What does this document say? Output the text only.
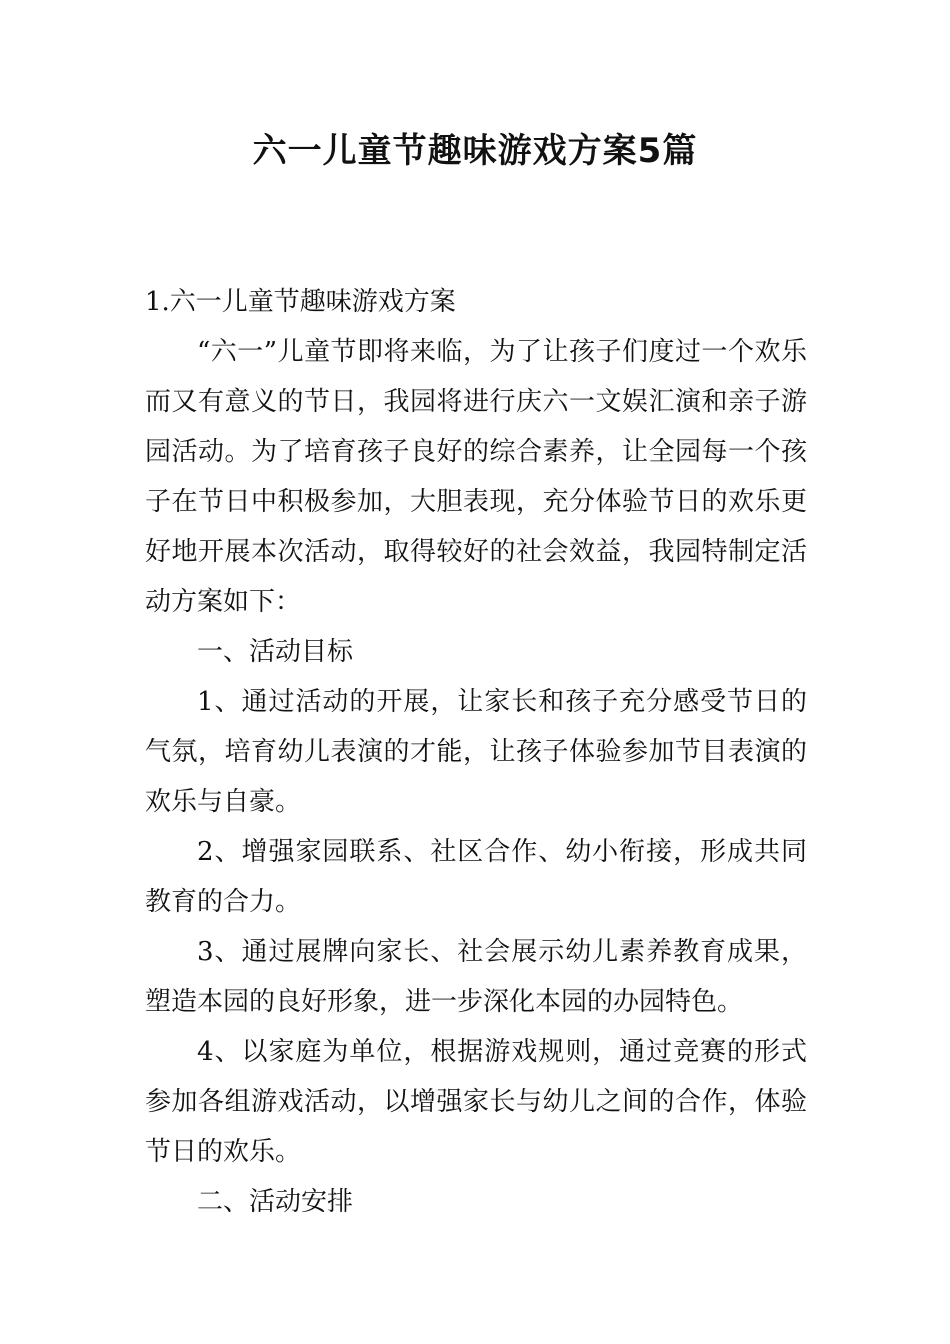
六一儿童节趣味游戏方案5篇

1.六一儿童节趣味游戏方案

“六一”儿童节即将来临，为了让孩子们度过一个欢乐而又有意义的节日，我园将进行庆六一文娱汇演和亲子游园活动。为了培育孩子良好的综合素养，让全园每一个孩子在节日中积极参加，大胆表现，充分体验节日的欢乐更好地开展本次活动，取得较好的社会效益，我园特制定活动方案如下：

一、活动目标

1、通过活动的开展，让家长和孩子充分感受节日的气氛，培育幼儿表演的才能，让孩子体验参加节目表演的欢乐与自豪。

2、增强家园联系、社区合作、幼小衔接，形成共同教育的合力。

3、通过展牌向家长、社会展示幼儿素养教育成果，塑造本园的良好形象，进一步深化本园的办园特色。

4、以家庭为单位，根据游戏规则，通过竞赛的形式参加各组游戏活动，以增强家长与幼儿之间的合作，体验节日的欢乐。

二、活动安排
